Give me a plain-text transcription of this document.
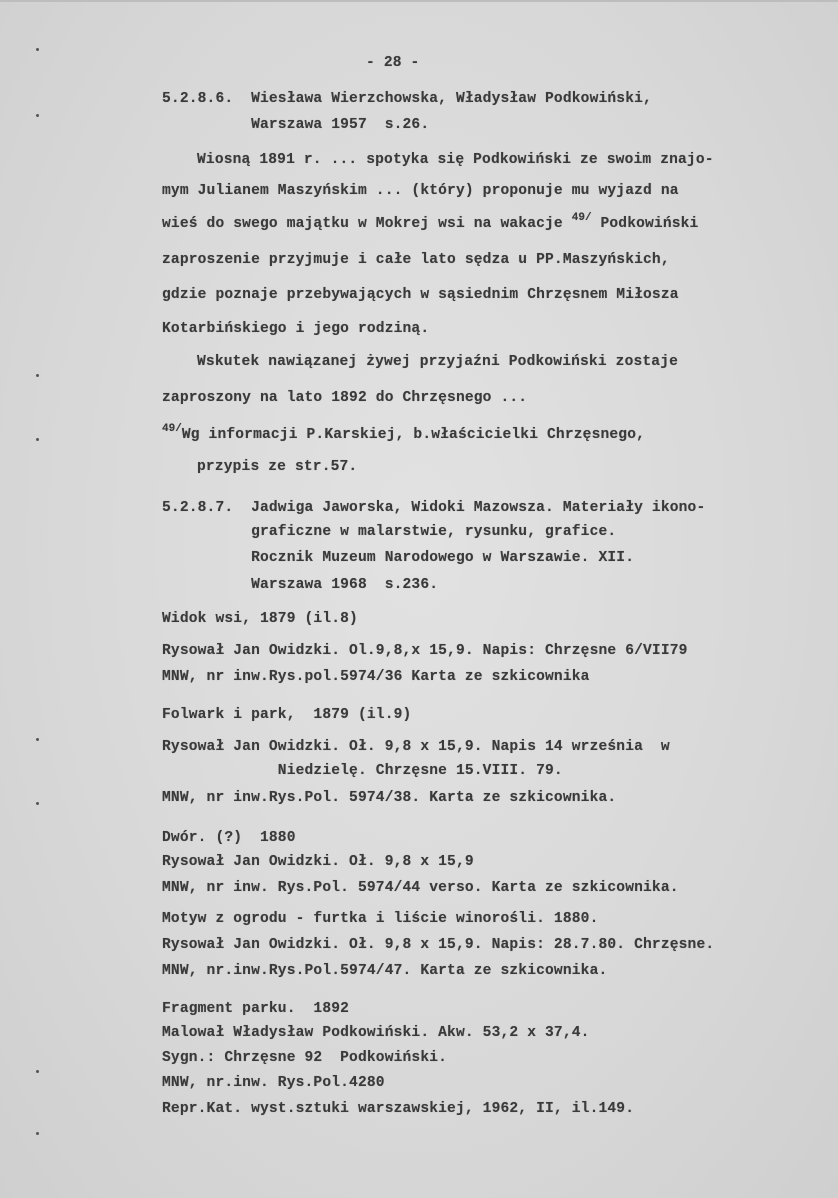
- 28 -
5.2.8.6.  Wiesława Wierzchowska, Władysław Podkowiński,
Warszawa 1957  s.26.
Wiosną 1891 r. ... spotyka się Podkowiński ze swoim znajo-
mym Julianem Maszyńskim ... (który) proponuje mu wyjazd na
wieś do swego majątku w Mokrej wsi na wakacje $^{49/}$ Podkowiński
zaproszenie przyjmuje i całe lato sędza u PP.Maszyńskich,
gdzie poznaje przebywających w sąsiednim Chrzęsnem Miłosza
Kotarbińskiego i jego rodziną.
Wskutek nawiązanej żywej przyjaźni Podkowiński zostaje
zaproszony na lato 1892 do Chrzęsnego ...
$^{49/}$Wg informacji P.Karskiej, b.właścicielki Chrzęsnego,
przypis ze str.57.
5.2.8.7.  Jadwiga Jaworska, Widoki Mazowsza. Materiały ikono-
graficzne w malarstwie, rysunku, grafice.
Rocznik Muzeum Narodowego w Warszawie. XII.
Warszawa 1968  s.236.
Widok wsi, 1879 (il.8)
Rysował Jan Owidzki. Ol.9,8,x 15,9. Napis: Chrzęsne 6/VII79
MNW, nr inw.Rys.pol.5974/36 Karta ze szkicownika
Folwark i park,  1879 (il.9)
Rysował Jan Owidzki. Oł. 9,8 x 15,9. Napis 14 września  w
Niedzielę. Chrzęsne 15.VIII. 79.
MNW, nr inw.Rys.Pol. 5974/38. Karta ze szkicownika.
Dwór. (?)  1880
Rysował Jan Owidzki. Oł. 9,8 x 15,9
MNW, nr inw. Rys.Pol. 5974/44 verso. Karta ze szkicownika.
Motyw z ogrodu - furtka i liście winorośli. 1880.
Rysował Jan Owidzki. Oł. 9,8 x 15,9. Napis: 28.7.80. Chrzęsne.
MNW, nr.inw.Rys.Pol.5974/47. Karta ze szkicownika.
Fragment parku.  1892
Malował Władysław Podkowiński. Akw. 53,2 x 37,4.
Sygn.: Chrzęsne 92  Podkowiński.
MNW, nr.inw. Rys.Pol.4280
Repr.Kat. wyst.sztuki warszawskiej, 1962, II, il.149.
